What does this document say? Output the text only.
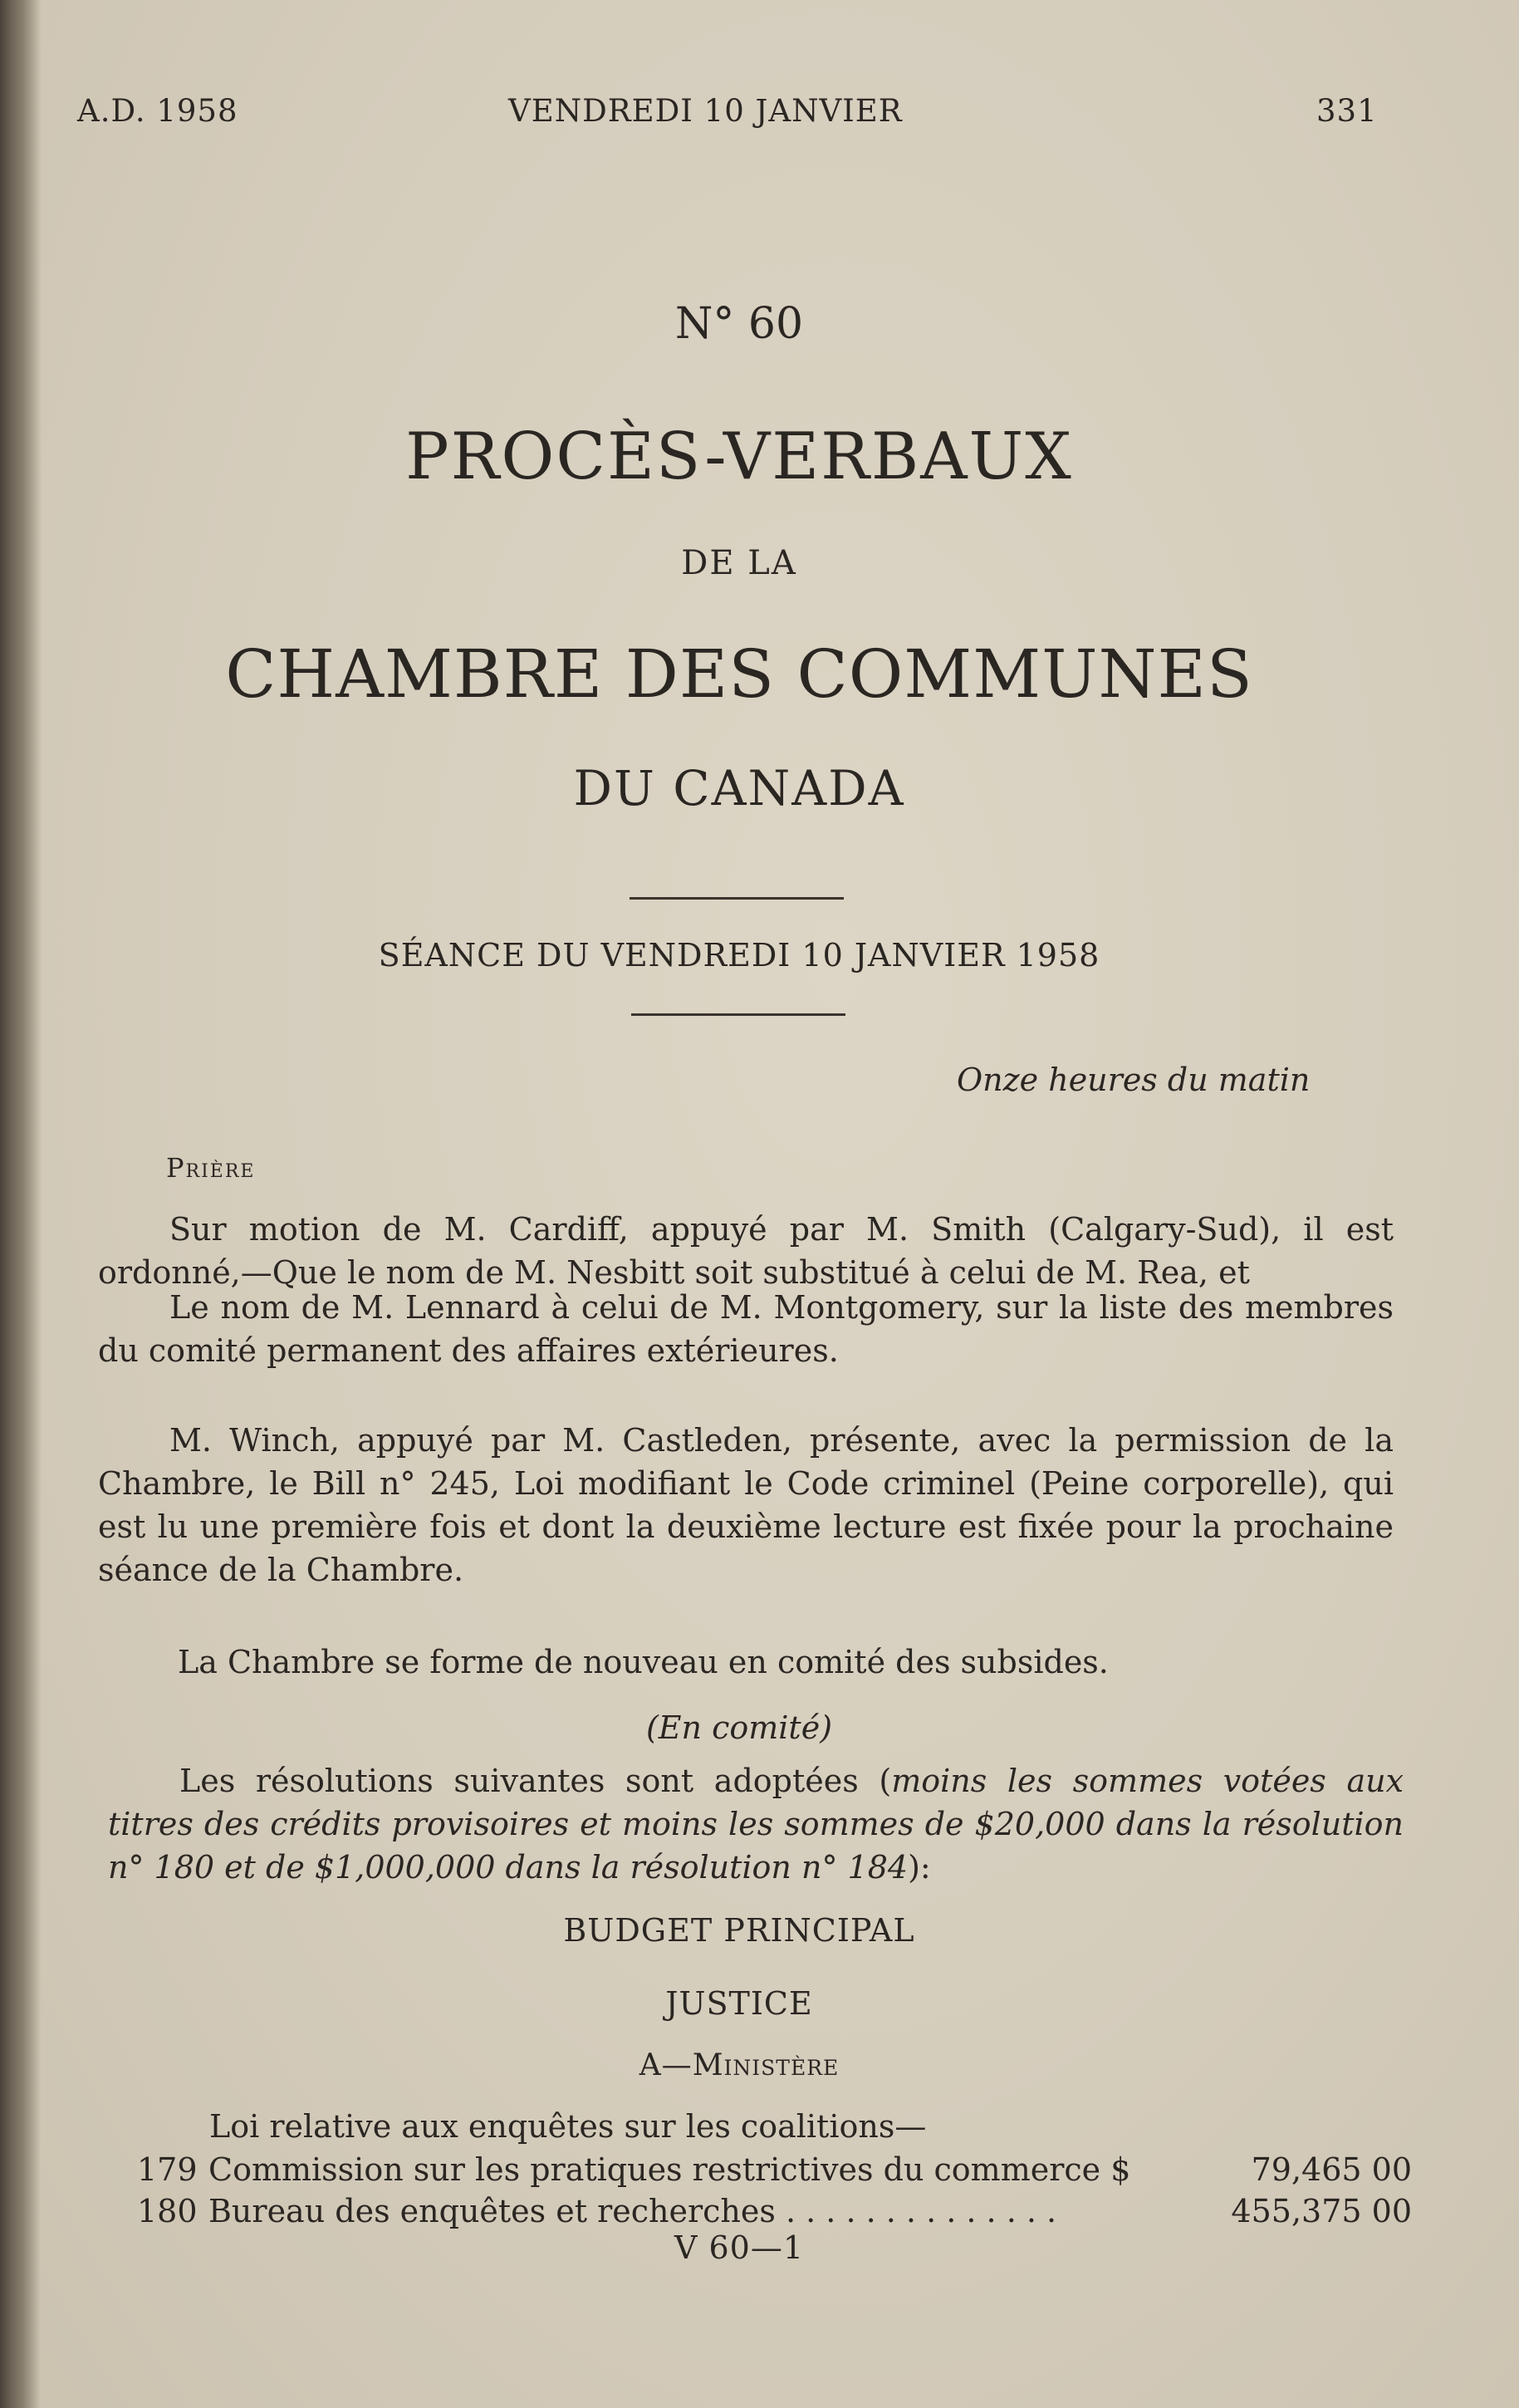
A.D. 1958	VENDREDI 10 JANVIER	331
N° 60
PROCÈS-VERBAUX
DE LA
CHAMBRE DES COMMUNES
DU CANADA
SÉANCE DU VENDREDI 10 JANVIER 1958
Onze heures du matin
Prière
Sur motion de M. Cardiff, appuyé par M. Smith (Calgary-Sud), il est ordonné,—Que le nom de M. Nesbitt soit substitué à celui de M. Rea, et
Le nom de M. Lennard à celui de M. Montgomery, sur la liste des membres du comité permanent des affaires extérieures.
M. Winch, appuyé par M. Castleden, présente, avec la permission de la Chambre, le Bill n° 245, Loi modifiant le Code criminel (Peine corporelle), qui est lu une première fois et dont la deuxième lecture est fixée pour la prochaine séance de la Chambre.
La Chambre se forme de nouveau en comité des subsides.
(En comité)
Les résolutions suivantes sont adoptées (moins les sommes votées aux titres des crédits provisoires et moins les sommes de $20,000 dans la résolution n° 180 et de $1,000,000 dans la résolution n° 184):
BUDGET PRINCIPAL
JUSTICE
A—Ministère
Loi relative aux enquêtes sur les coalitions—
179 Commission sur les pratiques restrictives du commerce $	79,465 00
180 Bureau des enquêtes et recherches . . . . . . . . . . . . . .	455,375 00
V 60—1
